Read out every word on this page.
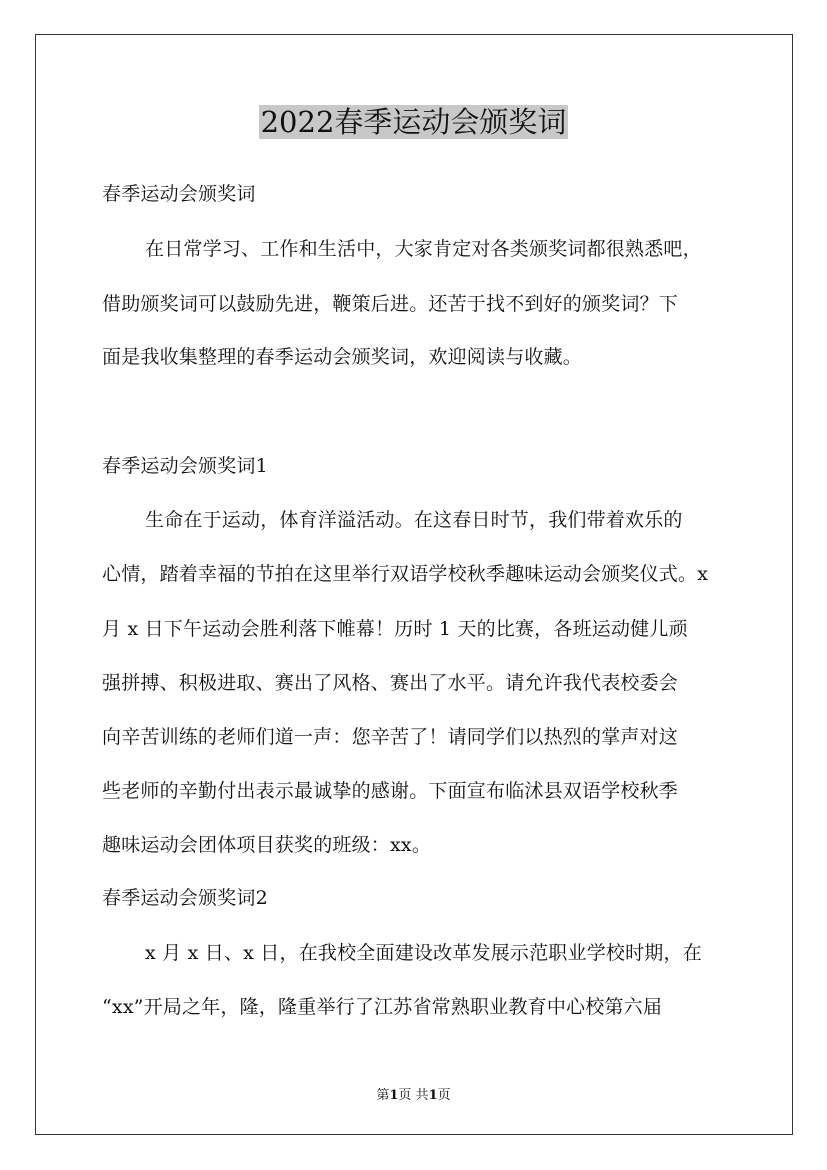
2022春季运动会颁奖词
春季运动会颁奖词
在日常学习、工作和生活中，大家肯定对各类颁奖词都很熟悉吧，
借助颁奖词可以鼓励先进，鞭策后进。还苦于找不到好的颁奖词？下
面是我收集整理的春季运动会颁奖词，欢迎阅读与收藏。
春季运动会颁奖词1
生命在于运动，体育洋溢活动。在这春日时节，我们带着欢乐的
心情，踏着幸福的节拍在这里举行双语学校秋季趣味运动会颁奖仪式。x
月 x 日下午运动会胜利落下帷幕！历时 1 天的比赛，各班运动健儿顽
强拼搏、积极进取、赛出了风格、赛出了水平。请允许我代表校委会
向辛苦训练的老师们道一声：您辛苦了！请同学们以热烈的掌声对这
些老师的辛勤付出表示最诚挚的感谢。下面宣布临沭县双语学校秋季
趣味运动会团体项目获奖的班级：xx。
春季运动会颁奖词2
x 月 x 日、x 日，在我校全面建设改革发展示范职业学校时期，在
“xx”开局之年，隆，隆重举行了江苏省常熟职业教育中心校第六届
第1页 共1页
